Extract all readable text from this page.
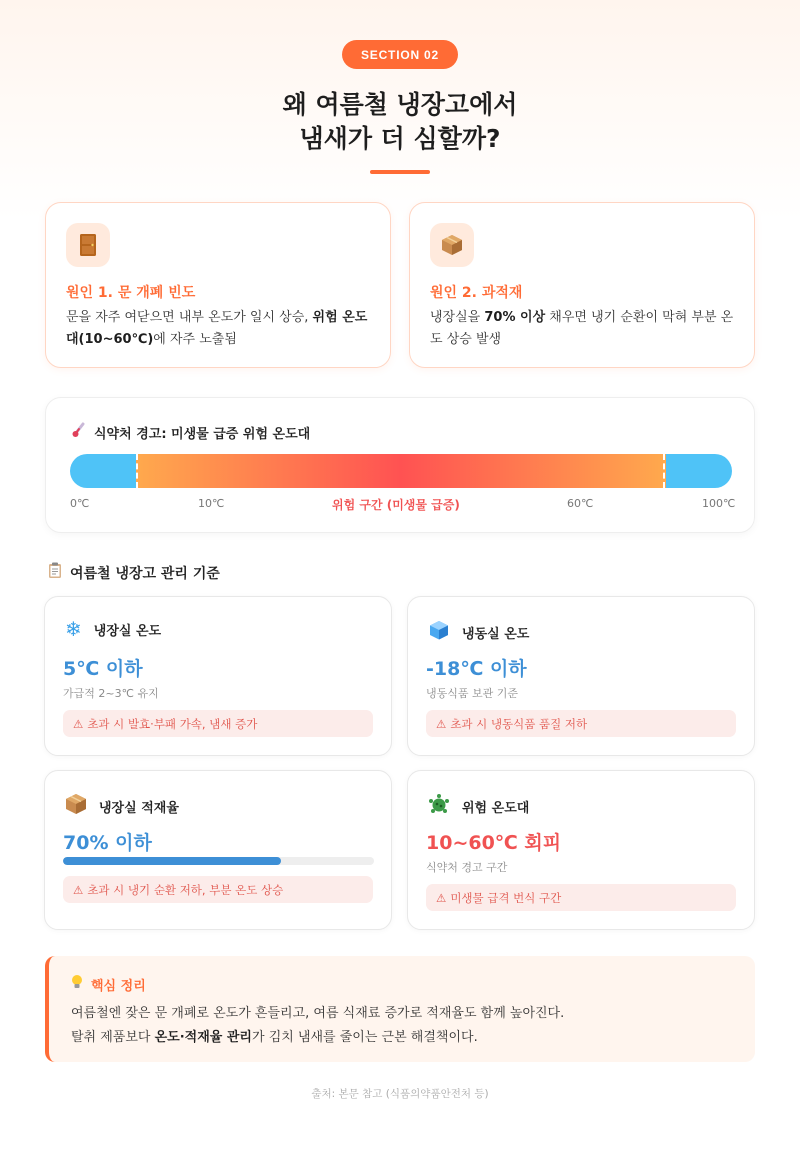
SECTION 02
왜 여름철 냉장고에서
냄새가 더 심할까?
원인 1. 문 개폐 빈도
문을 자주 여닫으면 내부 온도가 일시 상승, 위험 온도대(10~60℃)에 자주 노출됨
원인 2. 과적재
냉장실을 70% 이상 채우면 냉기 순환이 막혀 부분 온도 상승 발생
식약처 경고: 미생물 급증 위험 온도대
0℃	10℃	위험 구간 (미생물 급증)	60℃	100℃
여름철 냉장고 관리 기준
❄ 냉장실 온도
5℃ 이하
가급적 2~3℃ 유지
⚠ 초과 시 발효·부패 가속, 냄새 증가
냉동실 온도
-18℃ 이하
냉동식품 보관 기준
⚠ 초과 시 냉동식품 품질 저하
냉장실 적재율
70% 이하
⚠ 초과 시 냉기 순환 저하, 부분 온도 상승
위험 온도대
10~60℃ 회피
식약처 경고 구간
⚠ 미생물 급격 번식 구간
핵심 정리
여름철엔 잦은 문 개폐로 온도가 흔들리고, 여름 식재료 증가로 적재율도 함께 높아진다.
탈취 제품보다 온도·적재율 관리가 김치 냄새를 줄이는 근본 해결책이다.
출처: 본문 참고 (식품의약품안전처 등)
